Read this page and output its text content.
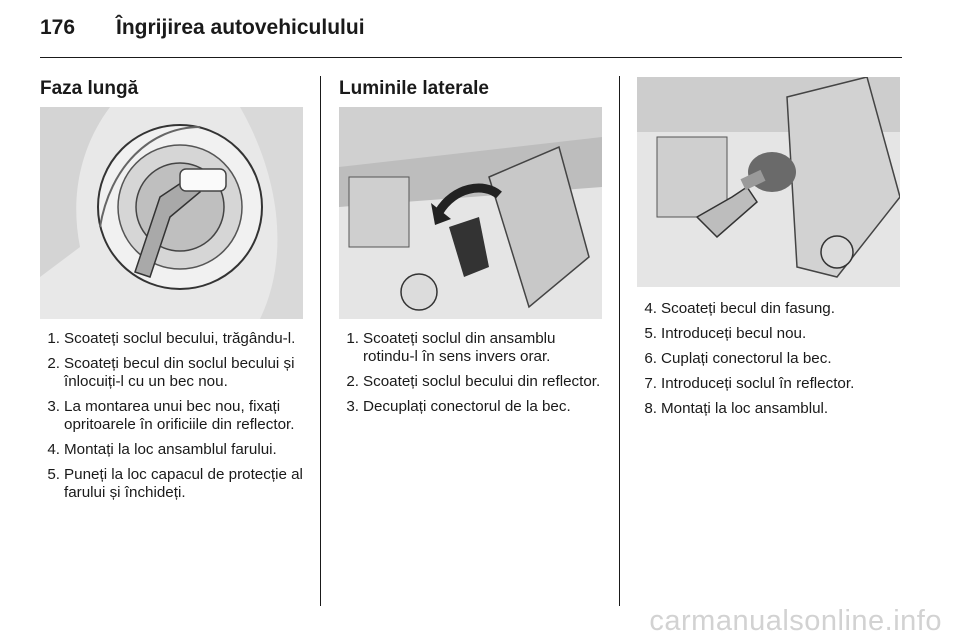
176 Îngrijirea autovehiculului
Faza lungă
1. Scoateți soclul becului, trăgându-l.
2. Scoateți becul din soclul becului și înlocuiți-l cu un bec nou.
3. La montarea unui bec nou, fixați opritoarele în orificiile din reflector.
4. Montați la loc ansamblul farului.
5. Puneți la loc capacul de protecție al farului și închideți.
Luminile laterale
1. Scoateți soclul din ansamblu rotindu-l în sens invers orar.
2. Scoateți soclul becului din reflector.
3. Decuplați conectorul de la bec.
4. Scoateți becul din fasung.
5. Introduceți becul nou.
6. Cuplați conectorul la bec.
7. Introduceți soclul în reflector.
8. Montați la loc ansamblul.
carmanualsonline.info
